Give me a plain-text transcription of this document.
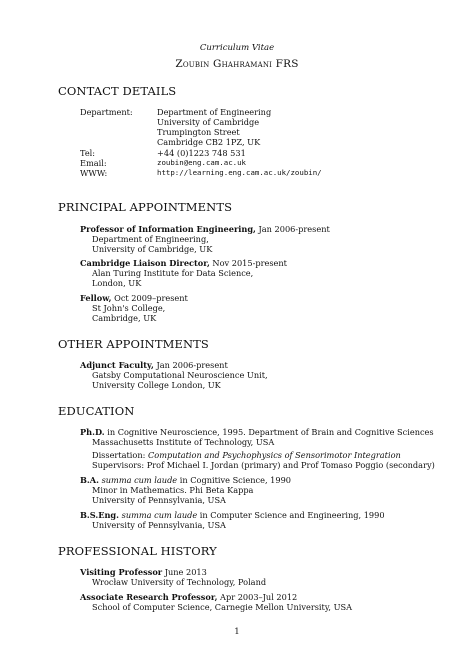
Curriculum Vitae
Zoubin Ghahramani FRS
CONTACT DETAILS
Department:	Department of Engineering
University of Cambridge
Trumpington Street
Cambridge CB2 1PZ, UK
Tel:	+44 (0)1223 748 531
Email:	zoubin@eng.cam.ac.uk
WWW:	http://learning.eng.cam.ac.uk/zoubin/
PRINCIPAL APPOINTMENTS
Professor of Information Engineering, Jan 2006-present
Department of Engineering,
University of Cambridge, UK
Cambridge Liaison Director, Nov 2015-present
Alan Turing Institute for Data Science,
London, UK
Fellow, Oct 2009–present
St John's College,
Cambridge, UK
OTHER APPOINTMENTS
Adjunct Faculty, Jan 2006-present
Gatsby Computational Neuroscience Unit,
University College London, UK
EDUCATION
Ph.D. in Cognitive Neuroscience, 1995. Department of Brain and Cognitive Sciences
Massachusetts Institute of Technology, USA
Dissertation: Computation and Psychophysics of Sensorimotor Integration
Supervisors: Prof Michael I. Jordan (primary) and Prof Tomaso Poggio (secondary)
B.A. summa cum laude in Cognitive Science, 1990
Minor in Mathematics. Phi Beta Kappa
University of Pennsylvania, USA
B.S.Eng. summa cum laude in Computer Science and Engineering, 1990
University of Pennsylvania, USA
PROFESSIONAL HISTORY
Visiting Professor June 2013
Wrocław University of Technology, Poland
Associate Research Professor, Apr 2003–Jul 2012
School of Computer Science, Carnegie Mellon University, USA
1
